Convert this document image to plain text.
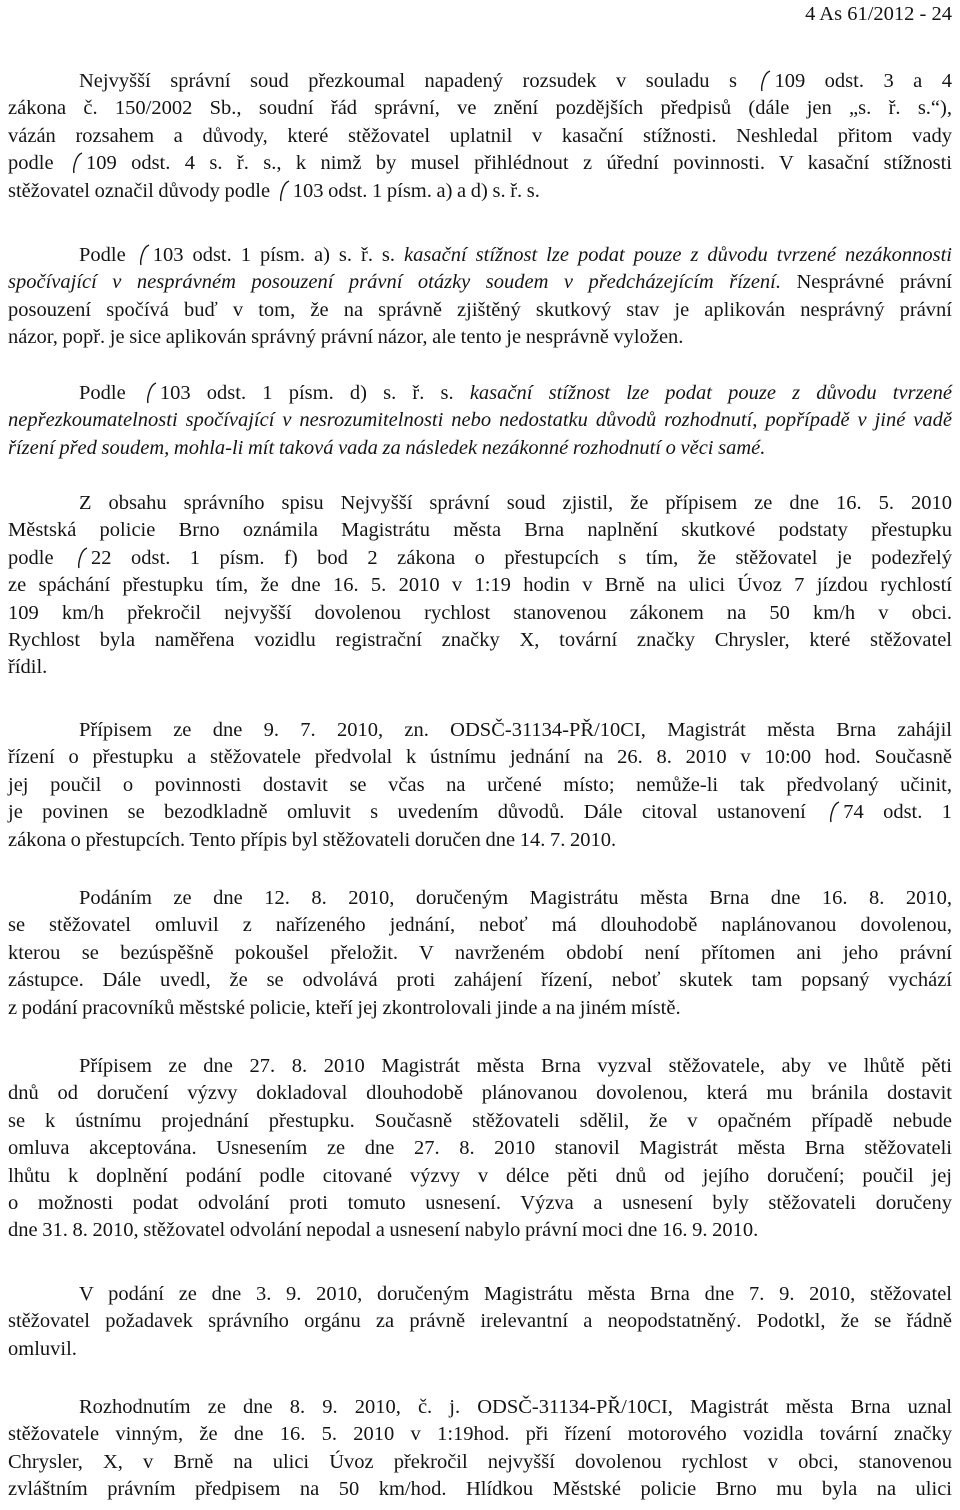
4 As 61/2012 - 24
Nejvyšší správní soud přezkoumal napadený rozsudek v souladu s
109 odst. 3 a 4
zákona č. 150/2002 Sb., soudní řád správní, ve znění pozdějších předpisů (dále jen „s. ř. s.“),
vázán rozsahem a důvody, které stěžovatel uplatnil v kasační stížnosti. Neshledal přitom vady
podle
109 odst. 4 s. ř. s., k nimž by musel přihlédnout z úřední povinnosti. V kasační stížnosti
stěžovatel označil důvody podle
103 odst. 1 písm. a) a d) s. ř. s.
Podle
103 odst. 1 písm. a) s. ř. s. kasační stížnost lze podat pouze z důvodu tvrzené nezákonnosti
spočívající v nesprávném posouzení právní otázky soudem v předcházejícím řízení. Nesprávné právní
posouzení spočívá buď v tom, že na správně zjištěný skutkový stav je aplikován nesprávný právní
názor, popř. je sice aplikován správný právní názor, ale tento je nesprávně vyložen.
Podle
103 odst. 1 písm. d) s. ř. s. kasační stížnost lze podat pouze z důvodu tvrzené
nepřezkoumatelnosti spočívající v nesrozumitelnosti nebo nedostatku důvodů rozhodnutí, popřípadě v jiné vadě
řízení před soudem, mohla-li mít taková vada za následek nezákonné rozhodnutí o věci samé.
Z obsahu správního spisu Nejvyšší správní soud zjistil, že přípisem ze dne 16. 5. 2010
Městská policie Brno oznámila Magistrátu města Brna naplnění skutkové podstaty přestupku
podle
22 odst. 1 písm. f) bod 2 zákona o přestupcích s tím, že stěžovatel je podezřelý
ze spáchání přestupku tím, že dne 16. 5. 2010 v 1:19 hodin v Brně na ulici Úvoz 7 jízdou rychlostí
109 km/h překročil nejvyšší dovolenou rychlost stanovenou zákonem na 50 km/h v obci.
Rychlost byla naměřena vozidlu registrační značky X, tovární značky Chrysler, které stěžovatel
řídil.
Přípisem ze dne 9. 7. 2010, zn. ODSČ-31134-PŘ/10CI, Magistrát města Brna zahájil
řízení o přestupku a stěžovatele předvolal k ústnímu jednání na 26. 8. 2010 v 10:00 hod. Současně
jej poučil o povinnosti dostavit se včas na určené místo; nemůže-li tak předvolaný učinit,
je povinen se bezodkladně omluvit s uvedením důvodů. Dále citoval ustanovení
74 odst. 1
zákona o přestupcích. Tento přípis byl stěžovateli doručen dne 14. 7. 2010.
Podáním ze dne 12. 8. 2010, doručeným Magistrátu města Brna dne 16. 8. 2010,
se stěžovatel omluvil z nařízeného jednání, neboť má dlouhodobě naplánovanou dovolenou,
kterou se bezúspěšně pokoušel přeložit. V navrženém období není přítomen ani jeho právní
zástupce. Dále uvedl, že se odvolává proti zahájení řízení, neboť skutek tam popsaný vychází
z podání pracovníků městské policie, kteří jej zkontrolovali jinde a na jiném místě.
Přípisem ze dne 27. 8. 2010 Magistrát města Brna vyzval stěžovatele, aby ve lhůtě pěti
dnů od doručení výzvy dokladoval dlouhodobě plánovanou dovolenou, která mu bránila dostavit
se k ústnímu projednání přestupku. Současně stěžovateli sdělil, že v opačném případě nebude
omluva akceptována. Usnesením ze dne 27. 8. 2010 stanovil Magistrát města Brna stěžovateli
lhůtu k doplnění podání podle citované výzvy v délce pěti dnů od jejího doručení; poučil jej
o možnosti podat odvolání proti tomuto usnesení. Výzva a usnesení byly stěžovateli doručeny
dne 31. 8. 2010, stěžovatel odvolání nepodal a usnesení nabylo právní moci dne 16. 9. 2010.
V podání ze dne 3. 9. 2010, doručeným Magistrátu města Brna dne 7. 9. 2010, stěžovatel
stěžovatel požadavek správního orgánu za právně irelevantní a neopodstatněný. Podotkl, že se řádně
omluvil.
Rozhodnutím ze dne 8. 9. 2010, č. j. ODSČ-31134-PŘ/10CI, Magistrát města Brna uznal
stěžovatele vinným, že dne 16. 5. 2010 v 1:19hod. při řízení motorového vozidla tovární značky
Chrysler, X, v Brně na ulici Úvoz překročil nejvyšší dovolenou rychlost v obci, stanovenou
zvláštním právním předpisem na 50 km/hod. Hlídkou Městské policie Brno mu byla na ulici
